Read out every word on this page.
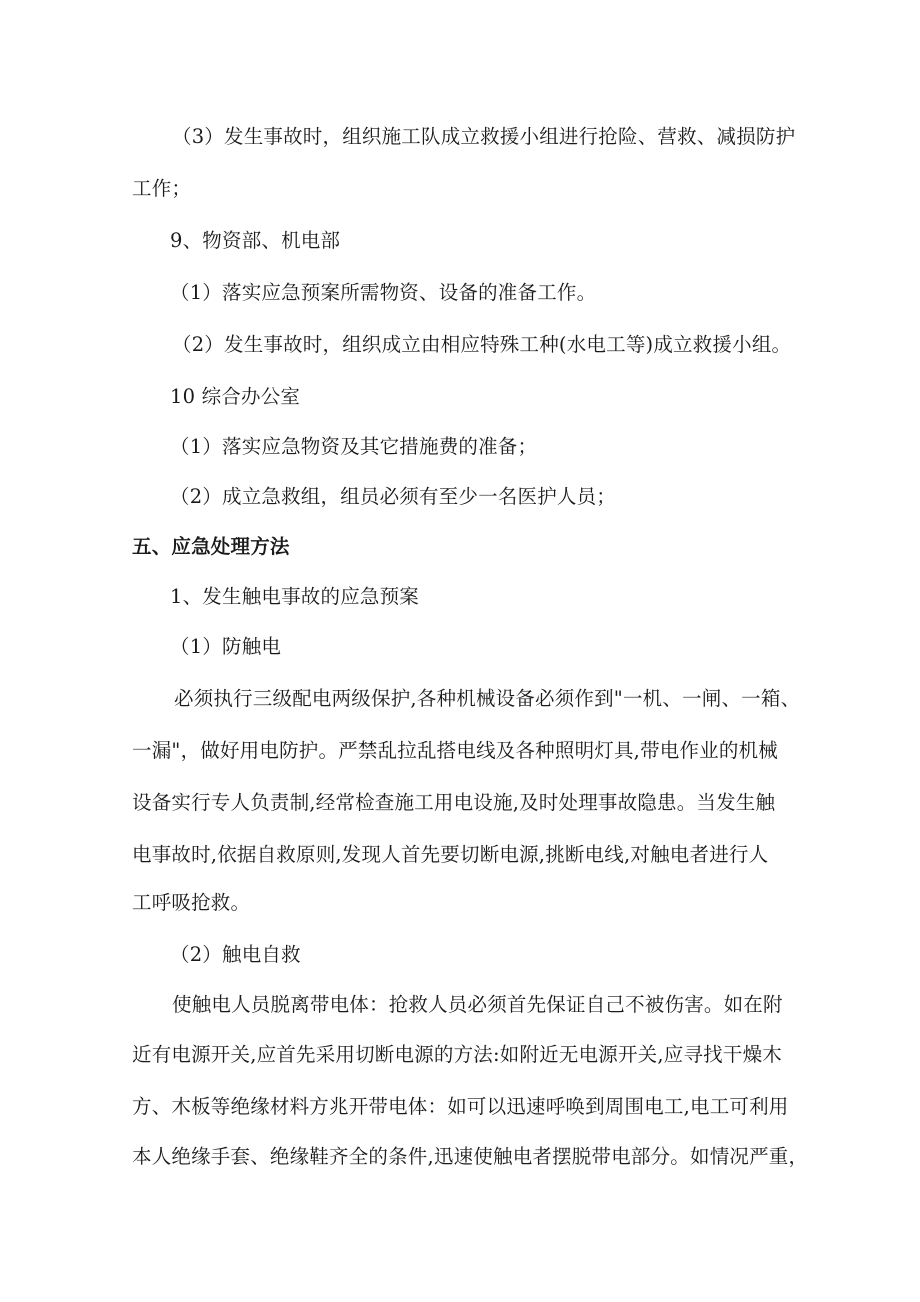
（3）发生事故时，组织施工队成立救援小组进行抢险、营救、减损防护
工作；
9、物资部、机电部
（1）落实应急预案所需物资、设备的准备工作。
（2）发生事故时，组织成立由相应特殊工种(水电工等)成立救援小组。
10 综合办公室
（1）落实应急物资及其它措施费的准备；
（2）成立急救组，组员必须有至少一名医护人员；
五、应急处理方法
1、发生触电事故的应急预案
（1）防触电
必须执行三级配电两级保护,各种机械设备必须作到"一机、一闸、一箱、
一漏"，做好用电防护。严禁乱拉乱搭电线及各种照明灯具,带电作业的机械
设备实行专人负责制,经常检查施工用电设施,及时处理事故隐患。当发生触
电事故时,依据自救原则,发现人首先要切断电源,挑断电线,对触电者进行人
工呼吸抢救。
（2）触电自救
使触电人员脱离带电体：抢救人员必须首先保证自己不被伤害。如在附
近有电源开关,应首先采用切断电源的方法:如附近无电源开关,应寻找干燥木
方、木板等绝缘材料方兆开带电体：如可以迅速呼唤到周围电工,电工可利用
本人绝缘手套、绝缘鞋齐全的条件,迅速使触电者摆脱带电部分。如情况严重，
